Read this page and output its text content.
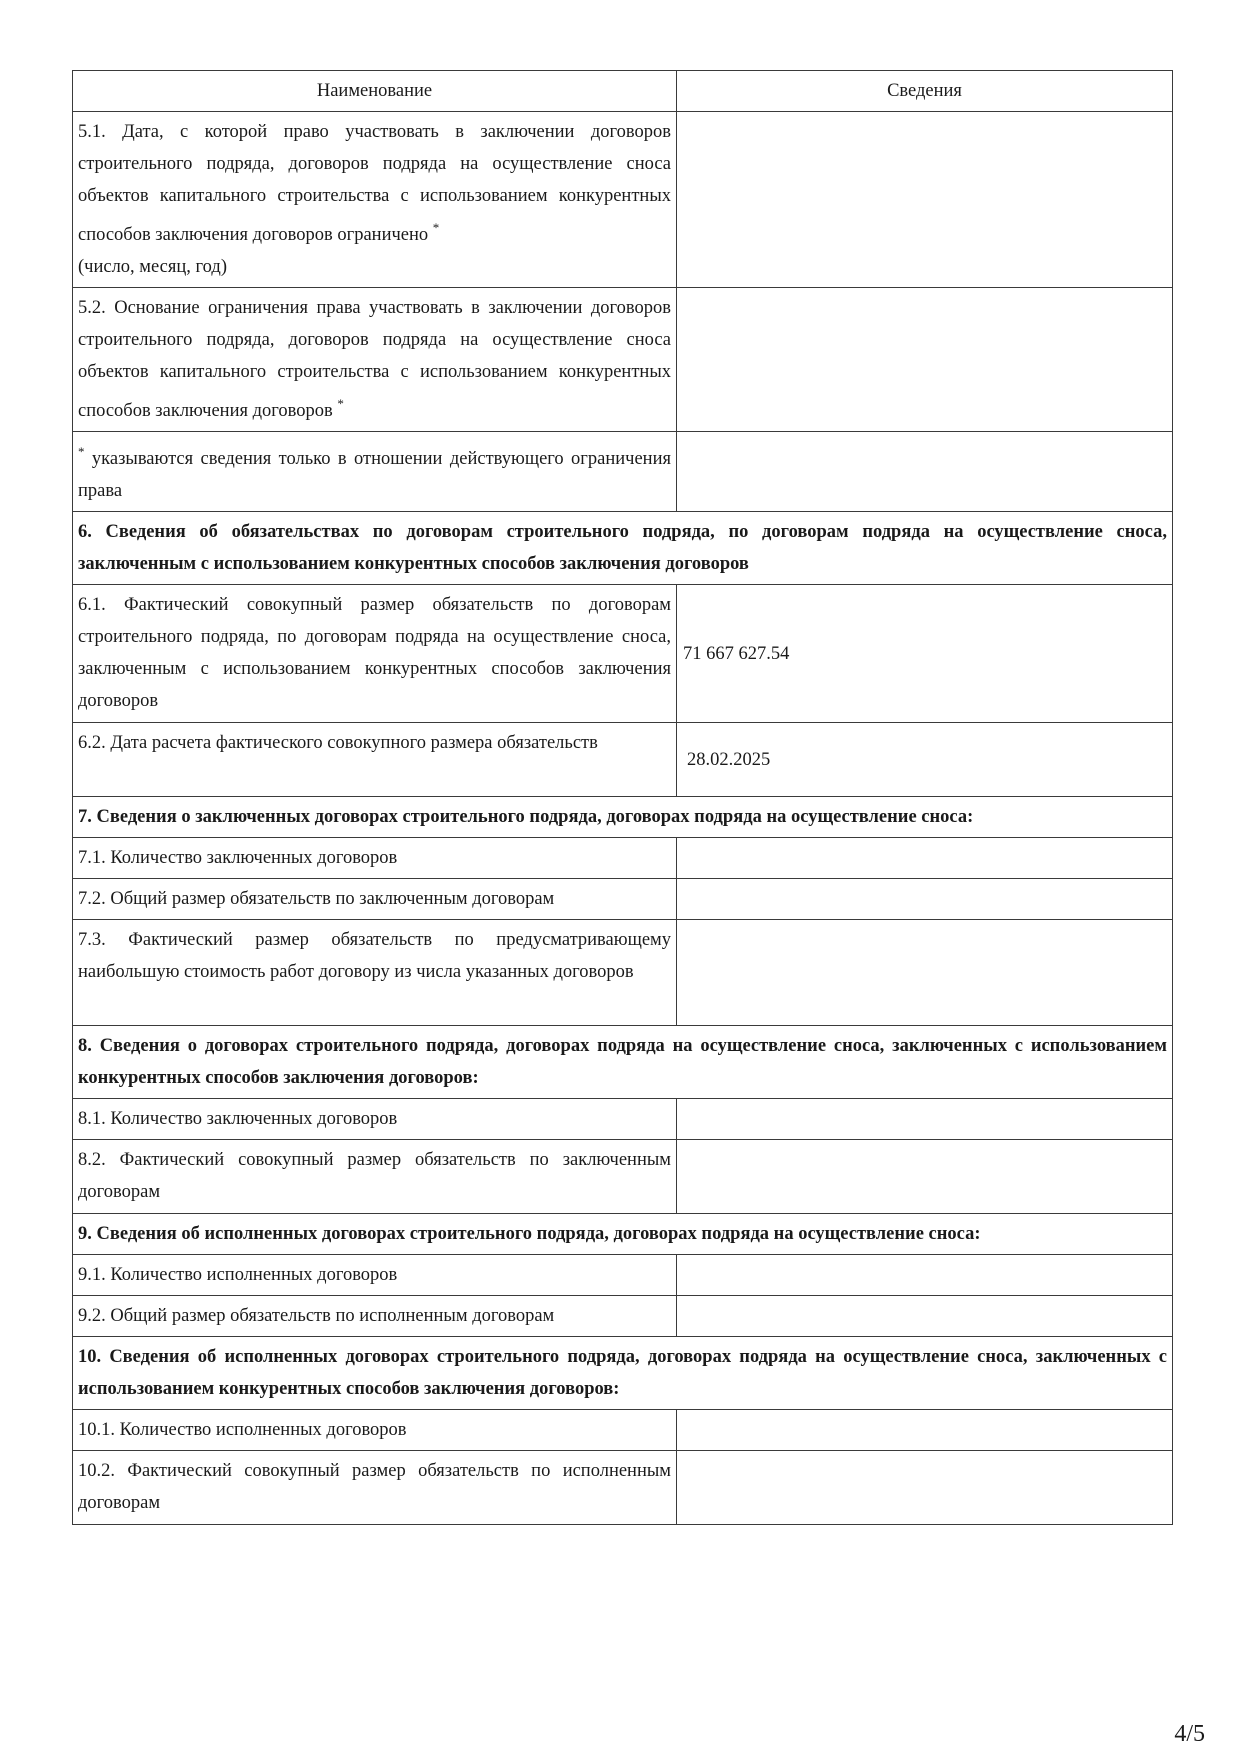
Наименование	Сведения
5.1. Дата, с которой право участвовать в заключении договоров строительного подряда, договоров подряда на осуществление сноса объектов капитального строительства с использованием конкурентных способов заключения договоров ограничено *
(число, месяц, год)	
5.2. Основание ограничения права участвовать в заключении договоров строительного подряда, договоров подряда на осуществление сноса объектов капитального строительства с использованием конкурентных способов заключения договоров *	
* указываются сведения только в отношении действующего ограничения права	
6. Сведения об обязательствах по договорам строительного подряда, по договорам подряда на осуществление сноса, заключенным с использованием конкурентных способов заключения договоров	
6.1. Фактический совокупный размер обязательств по договорам строительного подряда, по договорам подряда на осуществление сноса, заключенным с использованием конкурентных способов заключения договоров	71 667 627.54
6.2. Дата расчета фактического совокупного размера обязательств	28.02.2025
7. Сведения о заключенных договорах строительного подряда, договорах подряда на осуществление сноса:	
7.1. Количество заключенных договоров	
7.2. Общий размер обязательств по заключенным договорам	
7.3. Фактический размер обязательств по предусматривающему наибольшую стоимость работ договору из числа указанных договоров	
8. Сведения о договорах строительного подряда, договорах подряда на осуществление сноса, заключенных с использованием конкурентных способов заключения договоров:	
8.1. Количество заключенных договоров	
8.2. Фактический совокупный размер обязательств по заключенным договорам	
9. Сведения об исполненных договорах строительного подряда, договорах подряда на осуществление сноса:	
9.1. Количество исполненных договоров	
9.2. Общий размер обязательств по исполненным договорам	
10. Сведения об исполненных договорах строительного подряда, договорах подряда на осуществление сноса, заключенных с использованием конкурентных способов заключения договоров:	
10.1. Количество исполненных договоров	
10.2. Фактический совокупный размер обязательств по исполненным договорам	
4/5
